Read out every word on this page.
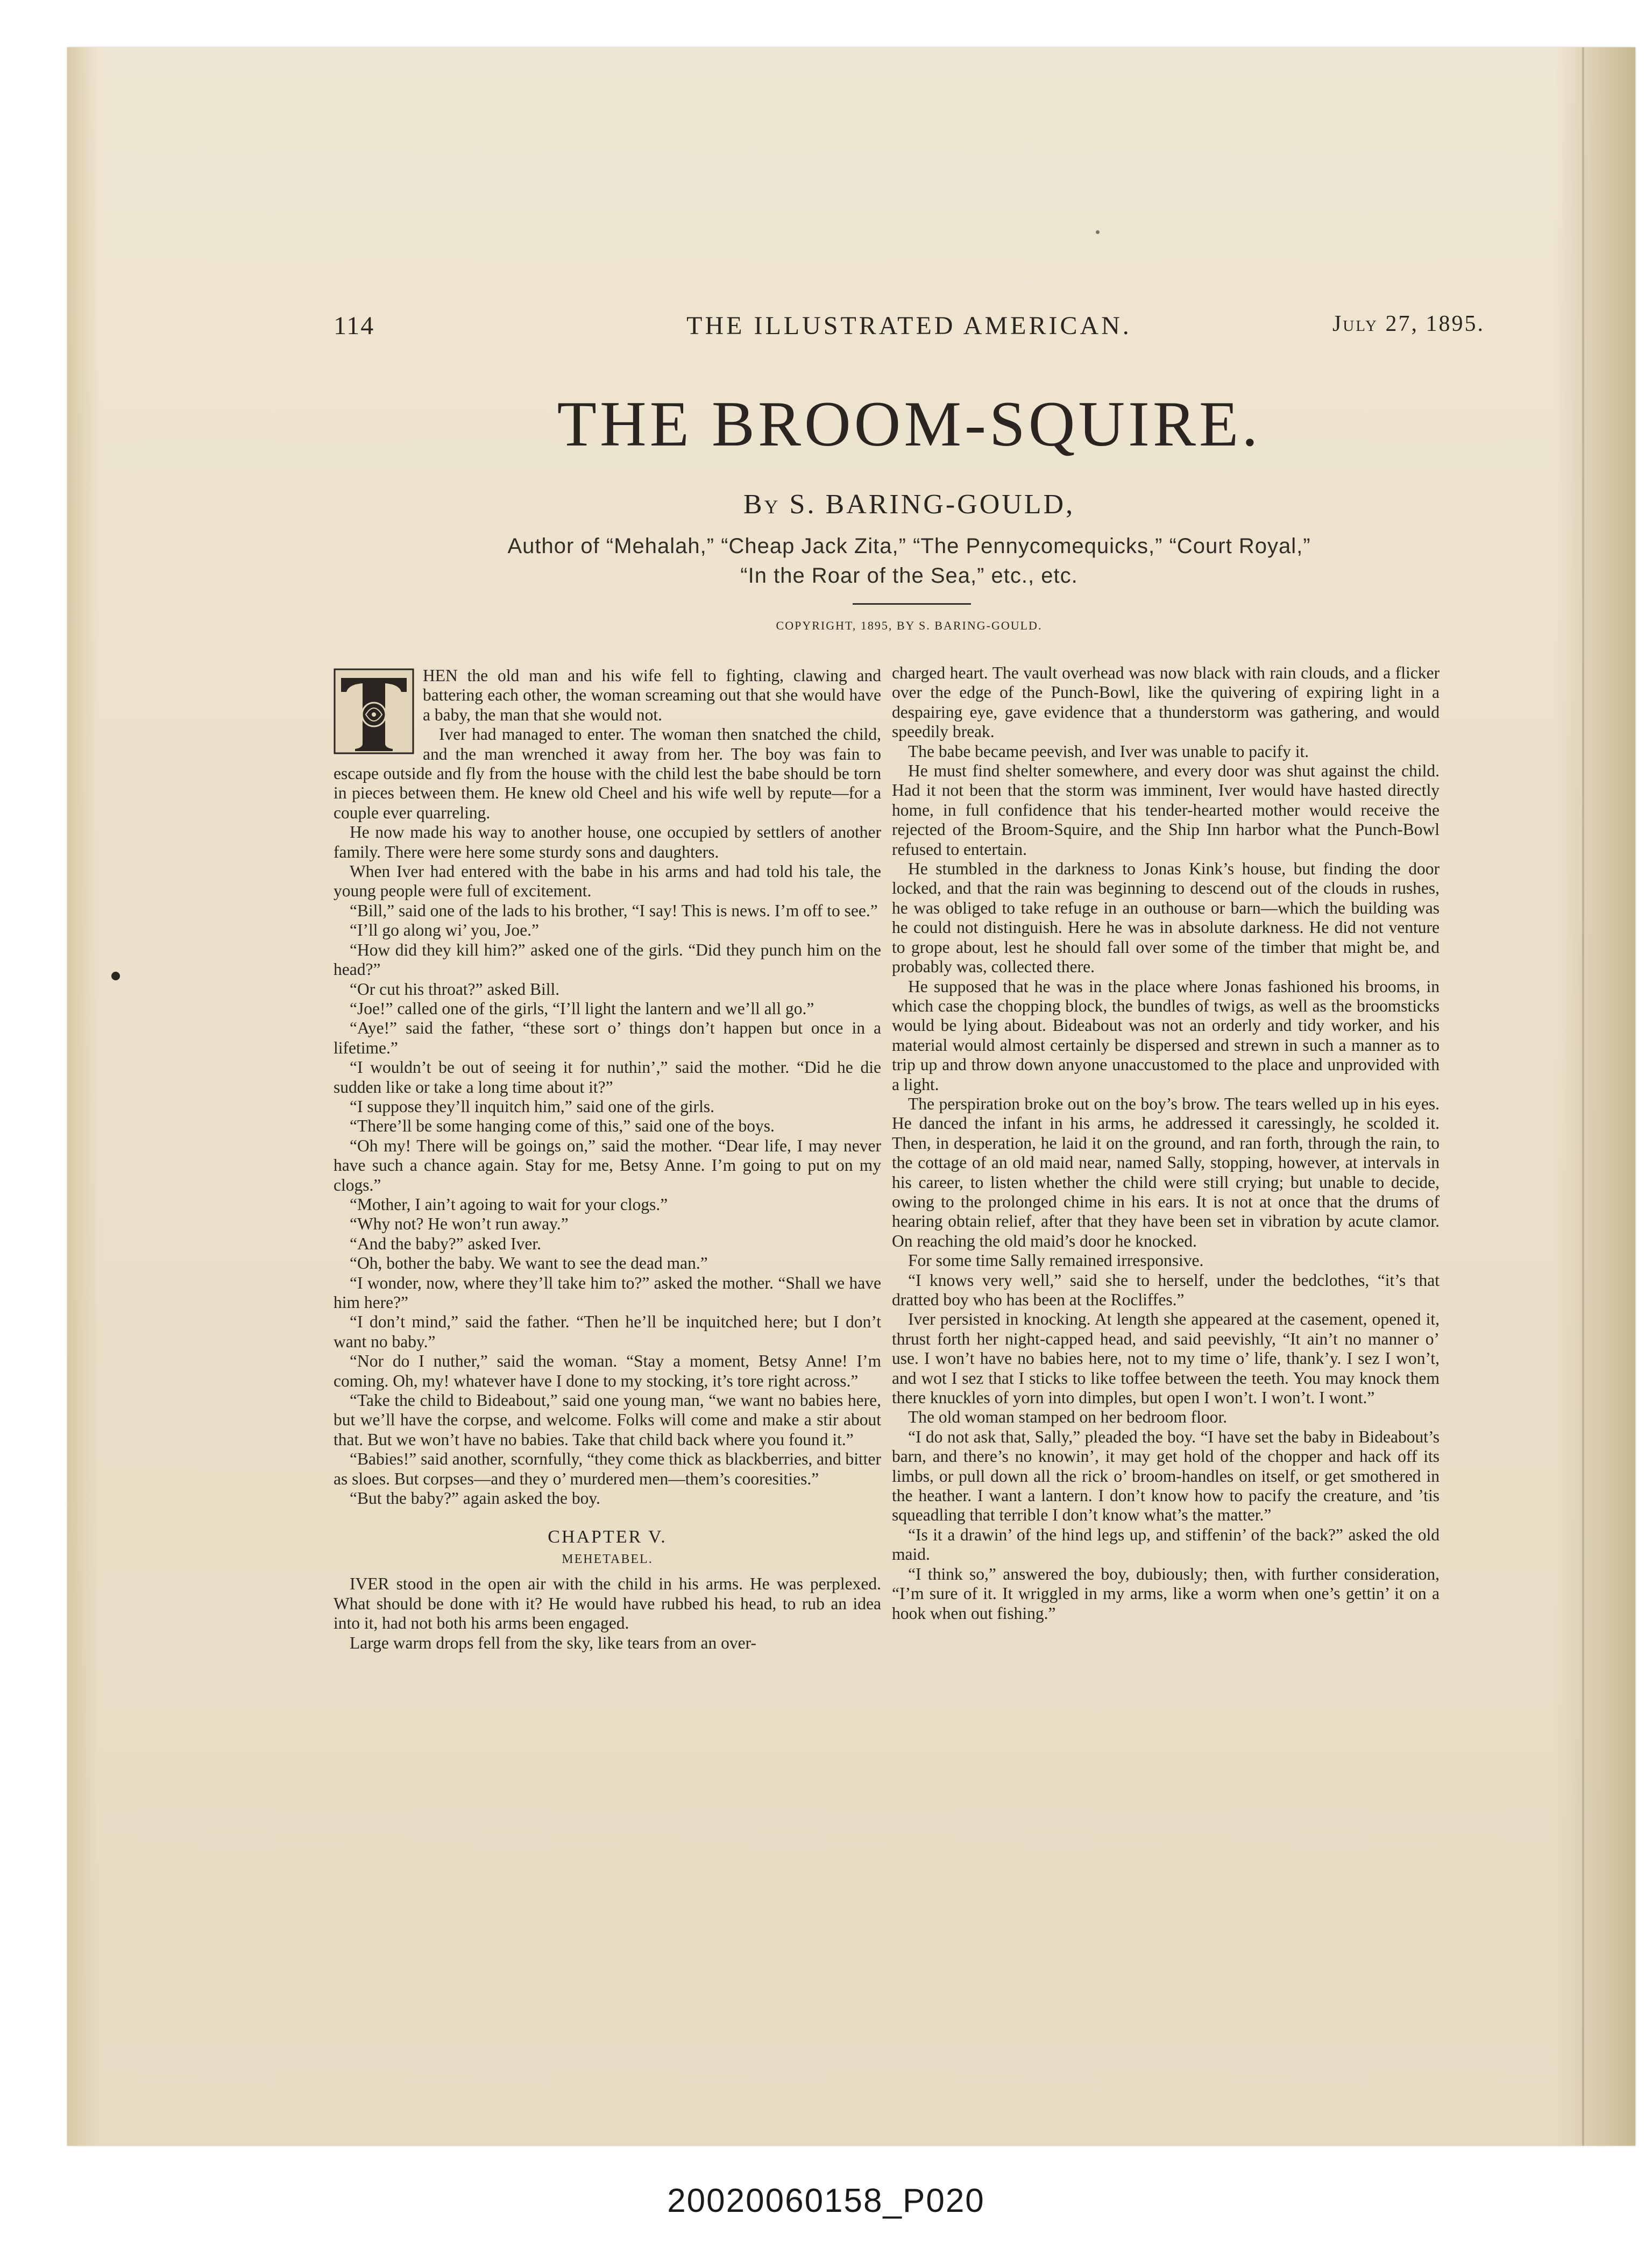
114	THE ILLUSTRATED AMERICAN.	July 27, 1895.
THE BROOM-SQUIRE.
By S. BARING-GOULD,
Author of “Mehalah,” “Cheap Jack Zita,” “The Pennycomequicks,” “Court Royal,”
“In the Roar of the Sea,” etc., etc.
COPYRIGHT, 1895, BY S. BARING-GOULD.

HEN the old man and his wife fell to fighting, clawing and battering each other, the woman screaming out that she would have a baby, the man that she would not.

Iver had managed to enter. The woman then snatched the child, and the man wrenched it away from her. The boy was fain to escape outside and fly from the house with the child lest the babe should be torn in pieces between them. He knew old Cheel and his wife well by repute—for a couple ever quarreling.

He now made his way to another house, one occupied by settlers of another family. There were here some sturdy sons and daughters.

When Iver had entered with the babe in his arms and had told his tale, the young people were full of excitement.

“Bill,” said one of the lads to his brother, “I say! This is news. I’m off to see.”

“I’ll go along wi’ you, Joe.”

“How did they kill him?” asked one of the girls. “Did they punch him on the head?”

“Or cut his throat?” asked Bill.

“Joe!” called one of the girls, “I’ll light the lantern and we’ll all go.”

“Aye!” said the father, “these sort o’ things don’t happen but once in a lifetime.”

“I wouldn’t be out of seeing it for nuthin’,” said the mother. “Did he die sudden like or take a long time about it?”

“I suppose they’ll inquitch him,” said one of the girls.

“There’ll be some hanging come of this,” said one of the boys.

“Oh my! There will be goings on,” said the mother. “Dear life, I may never have such a chance again. Stay for me, Betsy Anne. I’m going to put on my clogs.”

“Mother, I ain’t agoing to wait for your clogs.”

“Why not? He won’t run away.”

“And the baby?” asked Iver.

“Oh, bother the baby. We want to see the dead man.”

“I wonder, now, where they’ll take him to?” asked the mother. “Shall we have him here?”

“I don’t mind,” said the father. “Then he’ll be inquitched here; but I don’t want no baby.”

“Nor do I nuther,” said the woman. “Stay a moment, Betsy Anne! I’m coming. Oh, my! whatever have I done to my stocking, it’s tore right across.”

“Take the child to Bideabout,” said one young man, “we want no babies here, but we’ll have the corpse, and welcome. Folks will come and make a stir about that. But we won’t have no babies. Take that child back where you found it.”

“Babies!” said another, scornfully, “they come thick as blackberries, and bitter as sloes. But corpses—and they o’ murdered men—them’s cooresities.”

“But the baby?” again asked the boy.

CHAPTER V.
MEHETABEL.

IVER stood in the open air with the child in his arms. He was perplexed. What should be done with it? He would have rubbed his head, to rub an idea into it, had not both his arms been engaged.

Large warm drops fell from the sky, like tears from an over-

charged heart. The vault overhead was now black with rain clouds, and a flicker over the edge of the Punch-Bowl, like the quivering of expiring light in a despairing eye, gave evidence that a thunderstorm was gathering, and would speedily break.

The babe became peevish, and Iver was unable to pacify it.

He must find shelter somewhere, and every door was shut against the child. Had it not been that the storm was imminent, Iver would have hasted directly home, in full confidence that his tender-hearted mother would receive the rejected of the Broom-Squire, and the Ship Inn harbor what the Punch-Bowl refused to entertain.

He stumbled in the darkness to Jonas Kink’s house, but finding the door locked, and that the rain was beginning to descend out of the clouds in rushes, he was obliged to take refuge in an outhouse or barn—which the building was he could not distinguish. Here he was in absolute darkness. He did not venture to grope about, lest he should fall over some of the timber that might be, and probably was, collected there.

He supposed that he was in the place where Jonas fashioned his brooms, in which case the chopping block, the bundles of twigs, as well as the broomsticks would be lying about. Bideabout was not an orderly and tidy worker, and his material would almost certainly be dispersed and strewn in such a manner as to trip up and throw down anyone unaccustomed to the place and unprovided with a light.

The perspiration broke out on the boy’s brow. The tears welled up in his eyes. He danced the infant in his arms, he addressed it caressingly, he scolded it. Then, in desperation, he laid it on the ground, and ran forth, through the rain, to the cottage of an old maid near, named Sally, stopping, however, at intervals in his career, to listen whether the child were still crying; but unable to decide, owing to the prolonged chime in his ears. It is not at once that the drums of hearing obtain relief, after that they have been set in vibration by acute clamor. On reaching the old maid’s door he knocked.

For some time Sally remained irresponsive.

“I knows very well,” said she to herself, under the bedclothes, “it’s that dratted boy who has been at the Rocliffes.”

Iver persisted in knocking. At length she appeared at the casement, opened it, thrust forth her night-capped head, and said peevishly, “It ain’t no manner o’ use. I won’t have no babies here, not to my time o’ life, thank’y. I sez I won’t, and wot I sez that I sticks to like toffee between the teeth. You may knock them there knuckles of yorn into dimples, but open I won’t. I won’t. I wont.”

The old woman stamped on her bedroom floor.

“I do not ask that, Sally,” pleaded the boy. “I have set the baby in Bideabout’s barn, and there’s no knowin’, it may get hold of the chopper and hack off its limbs, or pull down all the rick o’ broom-handles on itself, or get smothered in the heather. I want a lantern. I don’t know how to pacify the creature, and ’tis squeadling that terrible I don’t know what’s the matter.”

“Is it a drawin’ of the hind legs up, and stiffenin’ of the back?” asked the old maid.

“I think so,” answered the boy, dubiously; then, with further consideration, “I’m sure of it. It wriggled in my arms, like a worm when one’s gettin’ it on a hook when out fishing.”

20020060158_P020
